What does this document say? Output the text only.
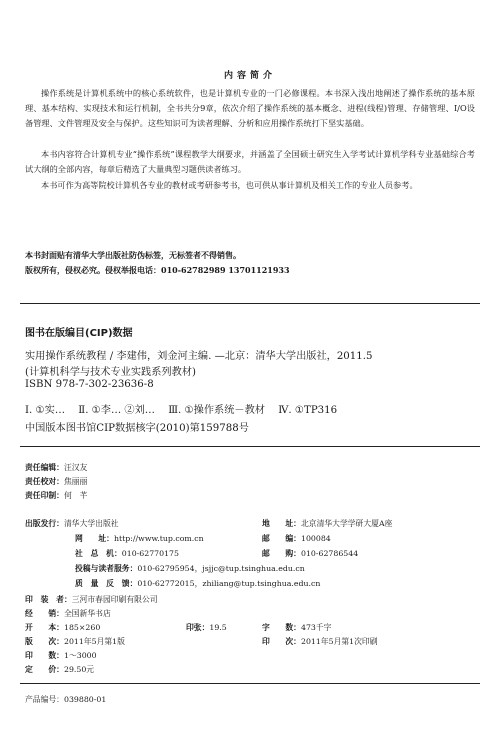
内容简介
操作系统是计算机系统中的核心系统软件，也是计算机专业的一门必修课程。本书深入浅出地阐述了操作系统的基本原理、基本结构、实现技术和运行机制，全书共分9章，依次介绍了操作系统的基本概念、进程(线程)管理、存储管理、I/O设备管理、文件管理及安全与保护。这些知识可为读者理解、分析和应用操作系统打下坚实基础。
本书内容符合计算机专业“操作系统”课程教学大纲要求，并涵盖了全国硕士研究生入学考试计算机学科专业基础综合考试大纲的全部内容，每章后精选了大量典型习题供读者练习。
本书可作为高等院校计算机各专业的教材或考研参考书，也可供从事计算机及相关工作的专业人员参考。
本书封面贴有清华大学出版社防伪标签，无标签者不得销售。
版权所有，侵权必究。侵权举报电话：010-62782989 13701121933
图书在版编目(CIP)数据
实用操作系统教程 / 李建伟，刘金河主编. —北京：清华大学出版社，2011.5
(计算机科学与技术专业实践系列教材)
ISBN 978-7-302-23636-8
Ⅰ. ①实… Ⅱ. ①李… ②刘… Ⅲ. ①操作系统－教材 Ⅳ. ①TP316
中国版本图书馆CIP数据核字(2010)第159788号
责任编辑：汪汉友
责任校对：焦丽丽
责任印制：何　芊
出版发行：清华大学出版社	地　　址：北京清华大学学研大厦A座
网　　址：http://www.tup.com.cn	邮　　编：100084
社　总　机：010-62770175	邮　　购：010-62786544
投稿与读者服务：010-62795954，jsjjc@tup.tsinghua.edu.cn
质　量　反　馈：010-62772015，zhiliang@tup.tsinghua.edu.cn
印　装　者：三河市春园印刷有限公司
经　　销：全国新华书店
开　　本：185×260	印张：19.5	字　　数：473千字
版　　次：2011年5月第1版	印　　次：2011年5月第1次印刷
印　　数：1～3000
定　　价：29.50元
产品编号：039880-01
